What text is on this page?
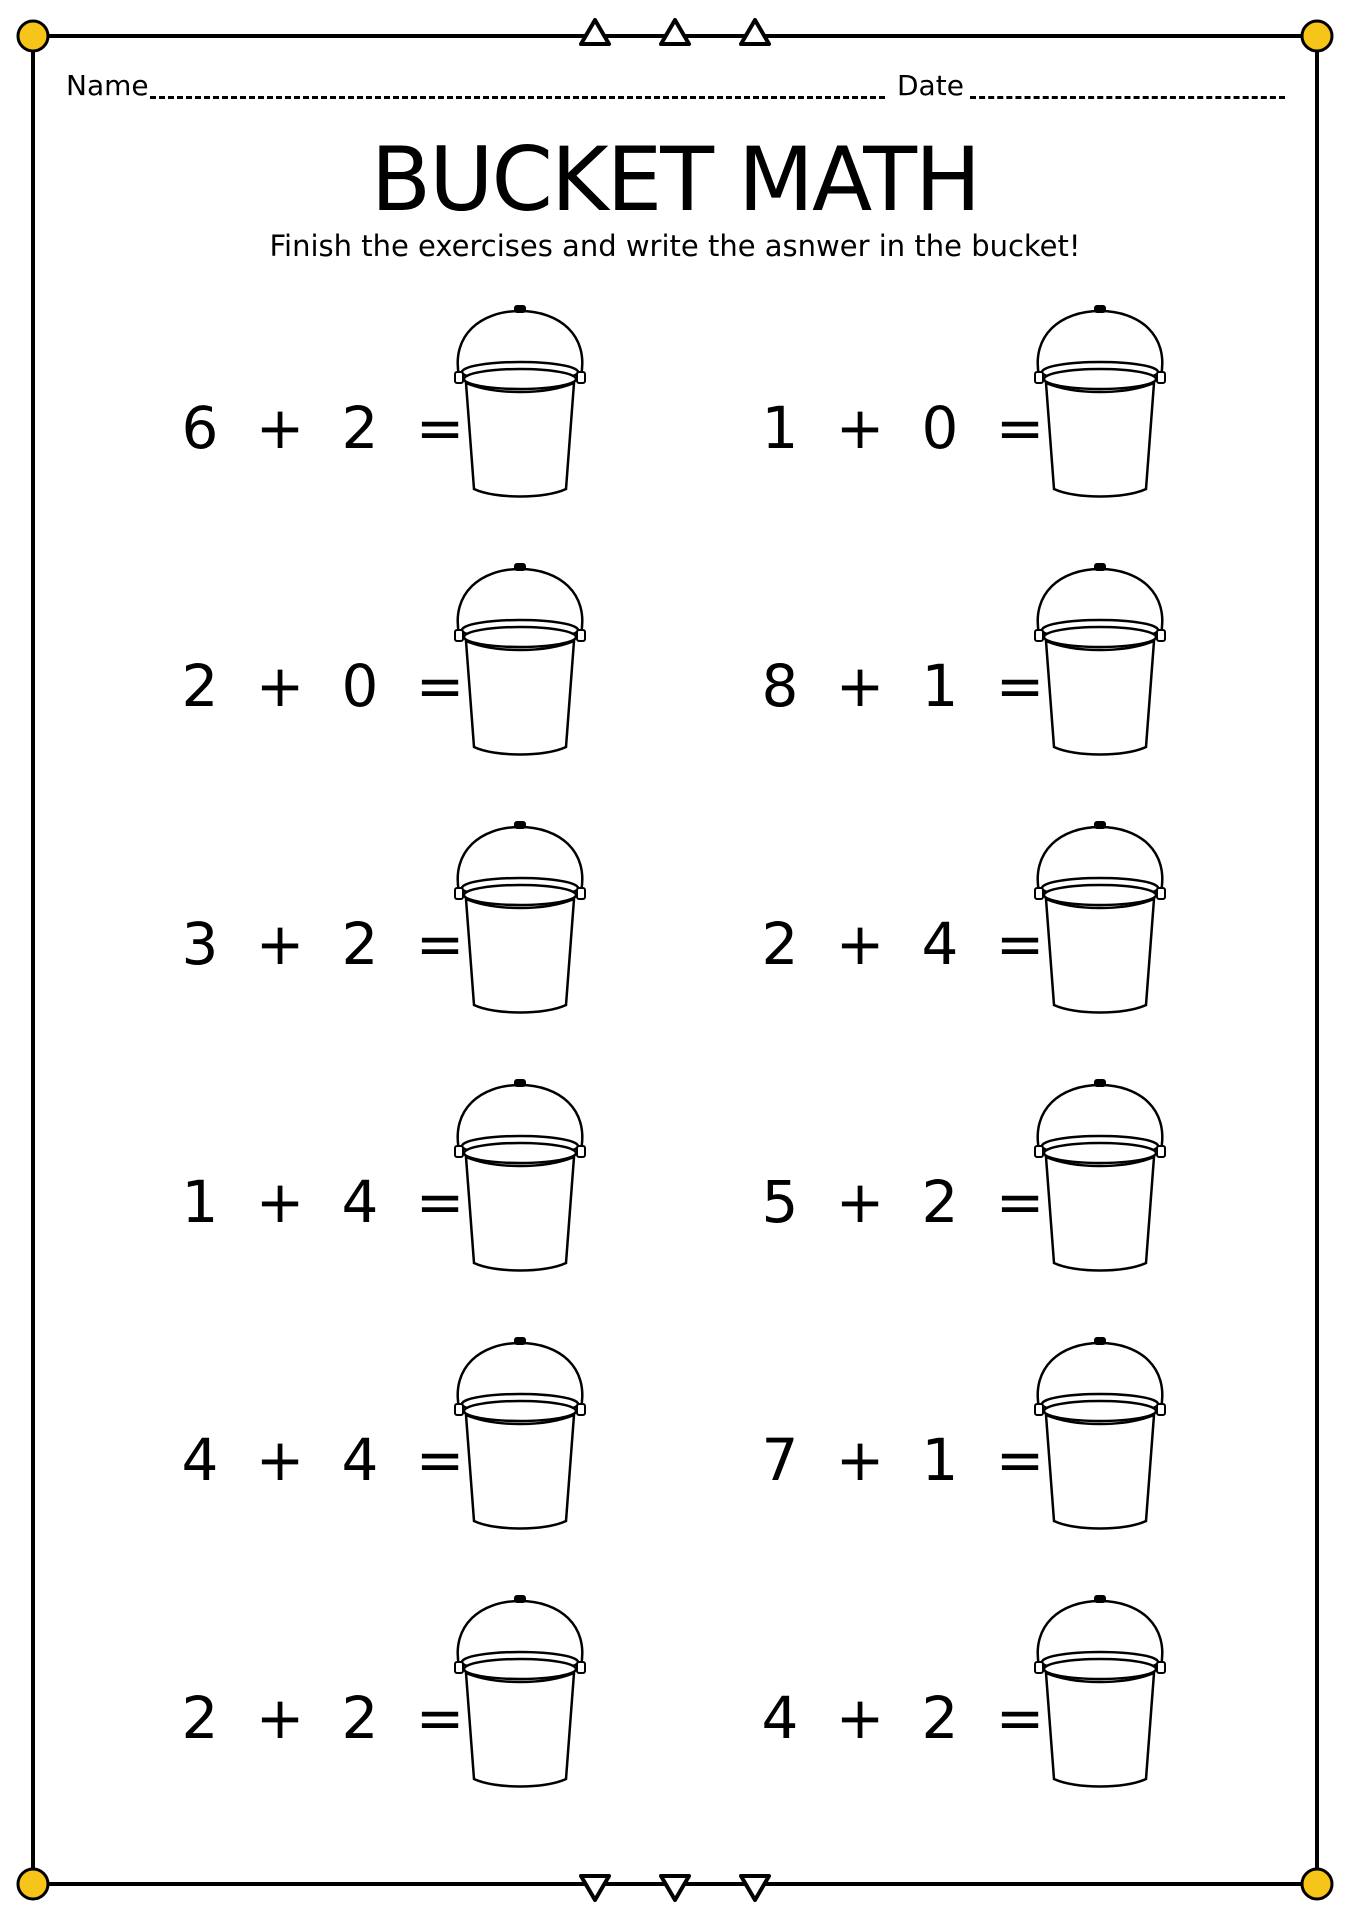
Name	Date
BUCKET MATH
Finish the exercises and write the asnwer in the bucket!
6 + 2 =	1 + 0 =
2 + 0 =	8 + 1 =
3 + 2 =	2 + 4 =
1 + 4 =	5 + 2 =
4 + 4 =	7 + 1 =
2 + 2 =	4 + 2 =
